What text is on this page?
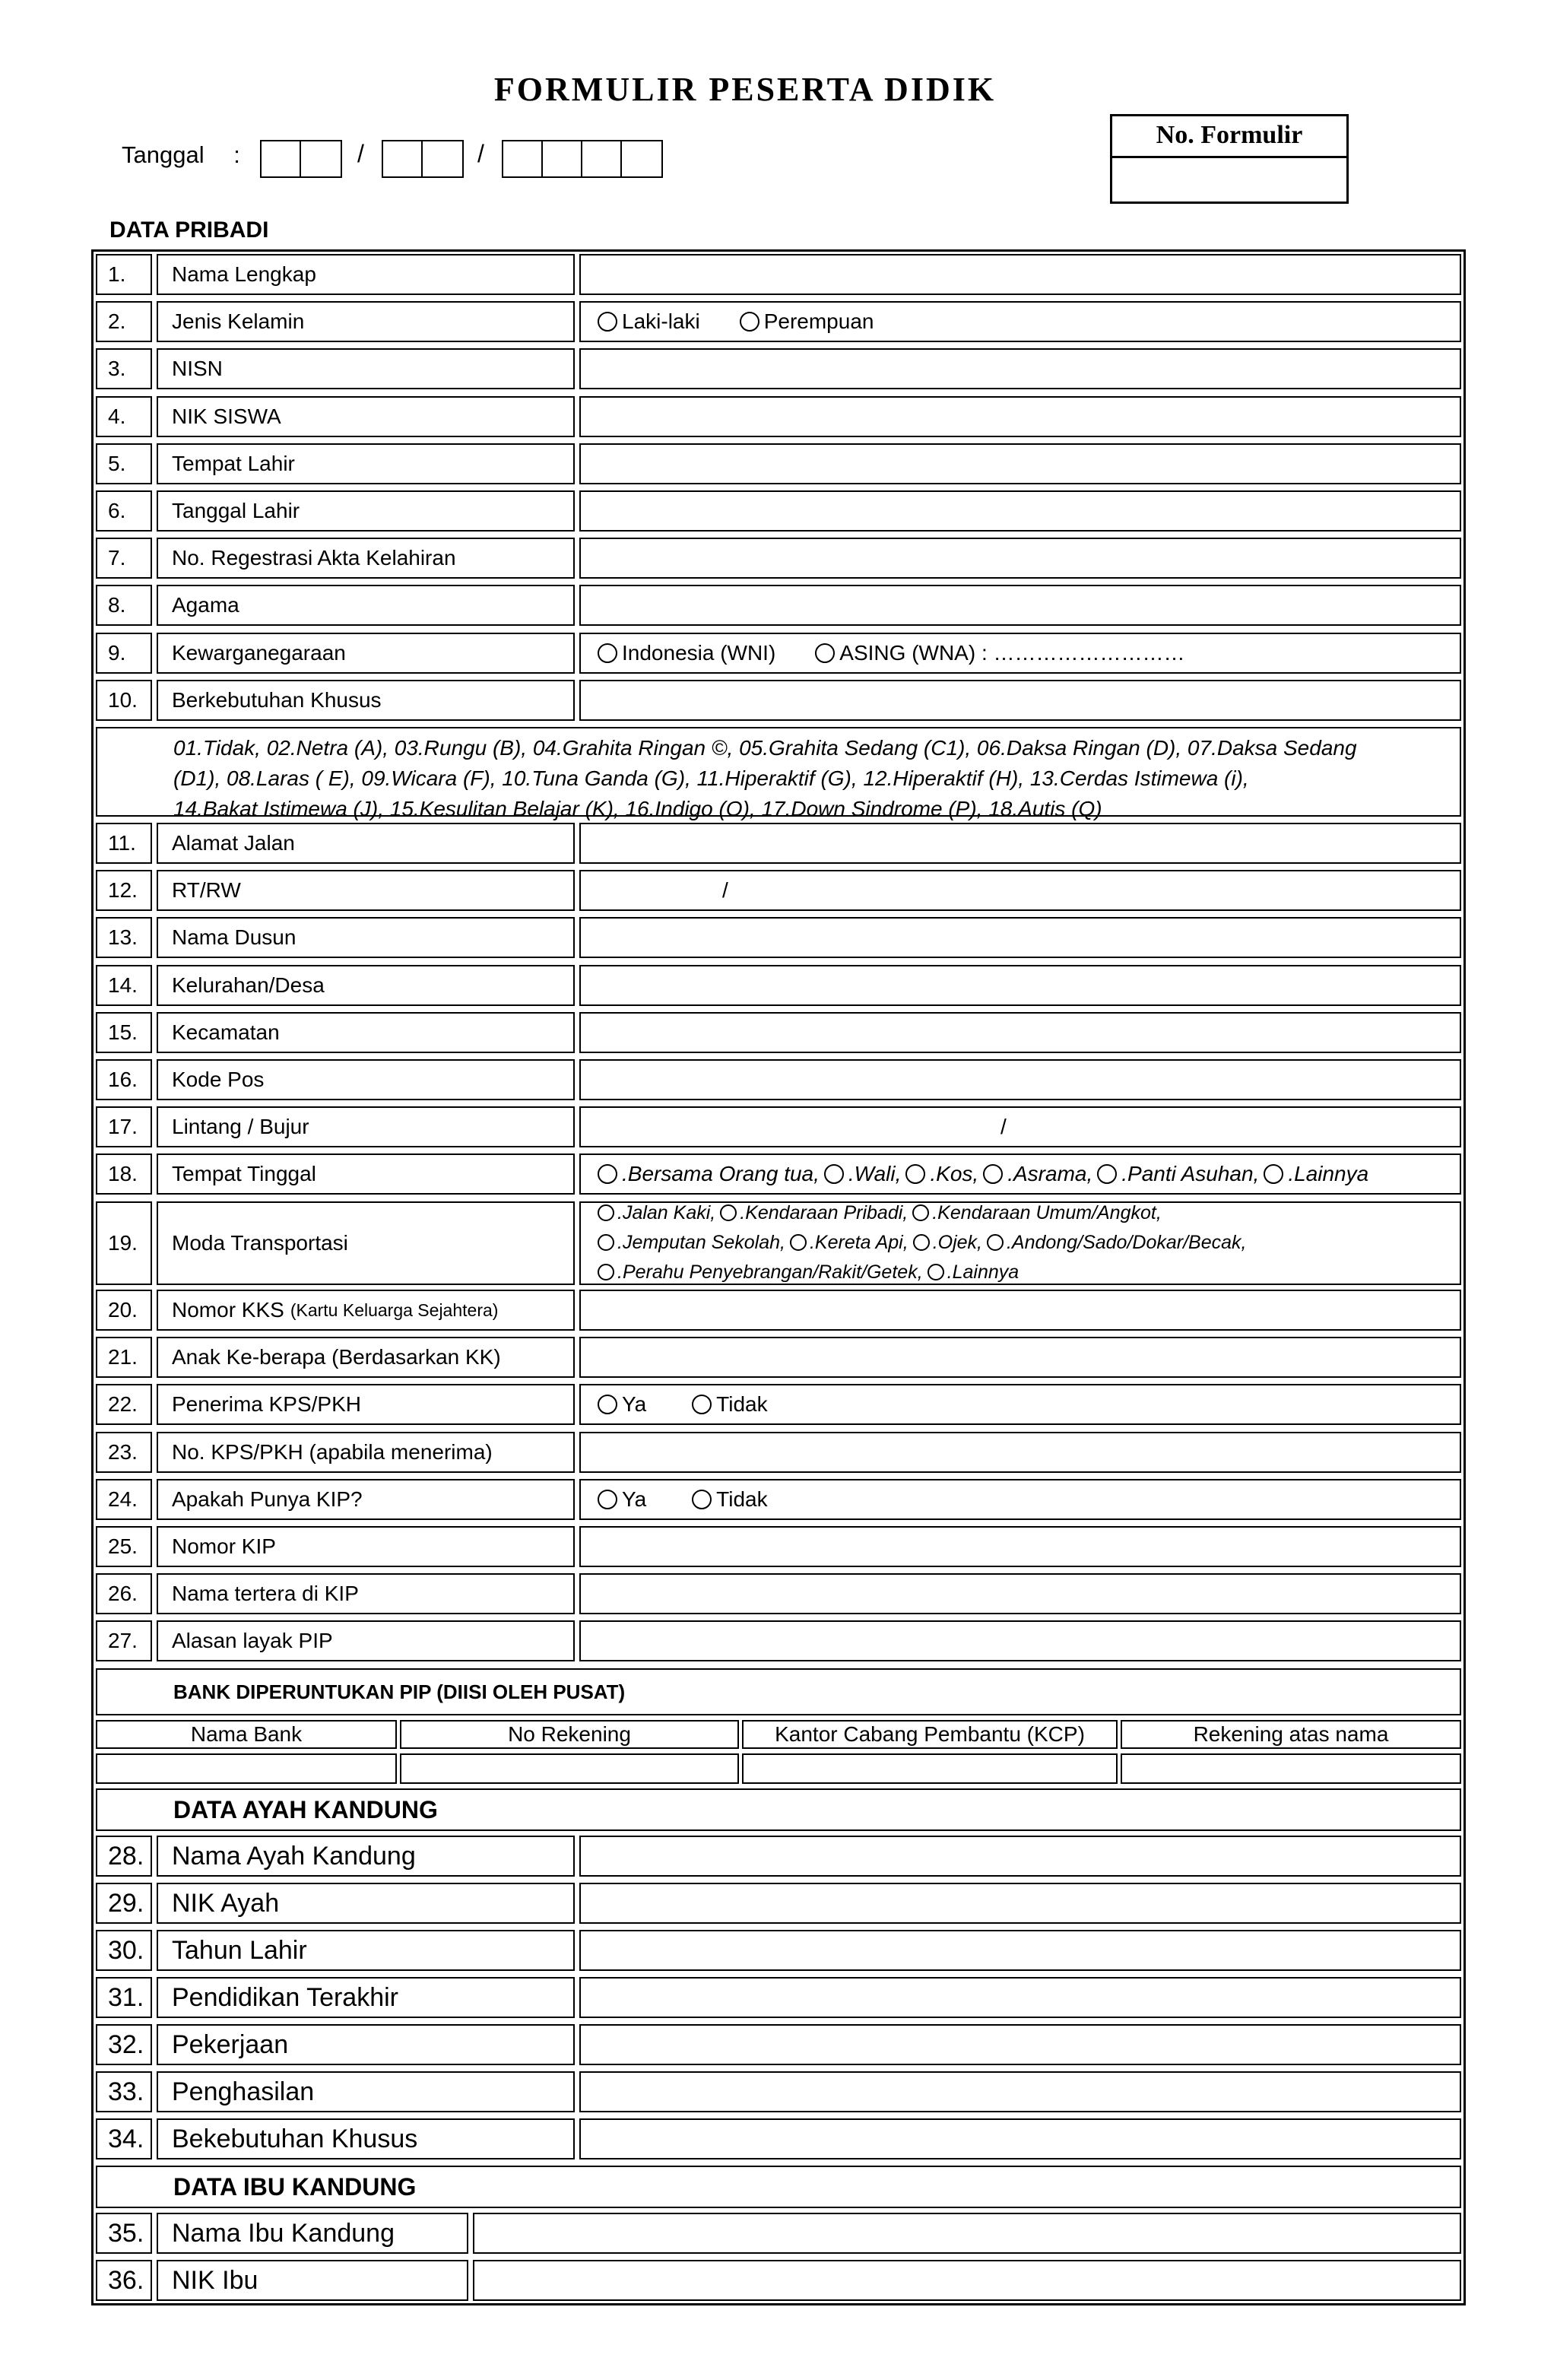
FORMULIR PESERTA DIDIK
Tanggal :	/	/
No. Formulir
DATA PRIBADI
1.	Nama Lengkap
2.	Jenis Kelamin	Laki-laki	Perempuan
3.	NISN
4.	NIK SISWA
5.	Tempat Lahir
6.	Tanggal Lahir
7.	No. Regestrasi Akta Kelahiran
8.	Agama
9.	Kewarganegaraan	Indonesia (WNI)	ASING (WNA) : ………………………
10.	Berkebutuhan Khusus
01.Tidak, 02.Netra (A), 03.Rungu (B), 04.Grahita Ringan ©, 05.Grahita Sedang (C1), 06.Daksa Ringan (D), 07.Daksa Sedang
(D1), 08.Laras ( E), 09.Wicara (F), 10.Tuna Ganda (G), 11.Hiperaktif (G), 12.Hiperaktif (H), 13.Cerdas Istimewa (i),
14.Bakat Istimewa (J), 15.Kesulitan Belajar (K), 16.Indigo (O), 17.Down Sindrome (P), 18.Autis (Q)
11.	Alamat Jalan
12.	RT/RW	/
13.	Nama Dusun
14.	Kelurahan/Desa
15.	Kecamatan
16.	Kode Pos
17.	Lintang / Bujur	/
18.	Tempat Tinggal	.Bersama Orang tua, .Wali, .Kos, .Asrama, .Panti Asuhan, .Lainnya
19.	Moda Transportasi
.Jalan Kaki, .Kendaraan Pribadi, .Kendaraan Umum/Angkot,
.Jemputan Sekolah, .Kereta Api, .Ojek, .Andong/Sado/Dokar/Becak,
.Perahu Penyebrangan/Rakit/Getek, .Lainnya
20.	Nomor KKS (Kartu Keluarga Sejahtera)
21.	Anak Ke-berapa (Berdasarkan KK)
22.	Penerima KPS/PKH	Ya	Tidak
23.	No. KPS/PKH (apabila menerima)
24.	Apakah Punya KIP?	Ya	Tidak
25.	Nomor KIP
26.	Nama tertera di KIP
27.	Alasan layak PIP
BANK DIPERUNTUKAN PIP (DIISI OLEH PUSAT)
Nama Bank	No Rekening	Kantor Cabang Pembantu (KCP)	Rekening atas nama
DATA AYAH KANDUNG
28.	Nama Ayah Kandung
29.	NIK Ayah
30.	Tahun Lahir
31.	Pendidikan Terakhir
32.	Pekerjaan
33.	Penghasilan
34.	Bekebutuhan Khusus
DATA IBU KANDUNG
35.	Nama Ibu Kandung
36.	NIK Ibu
